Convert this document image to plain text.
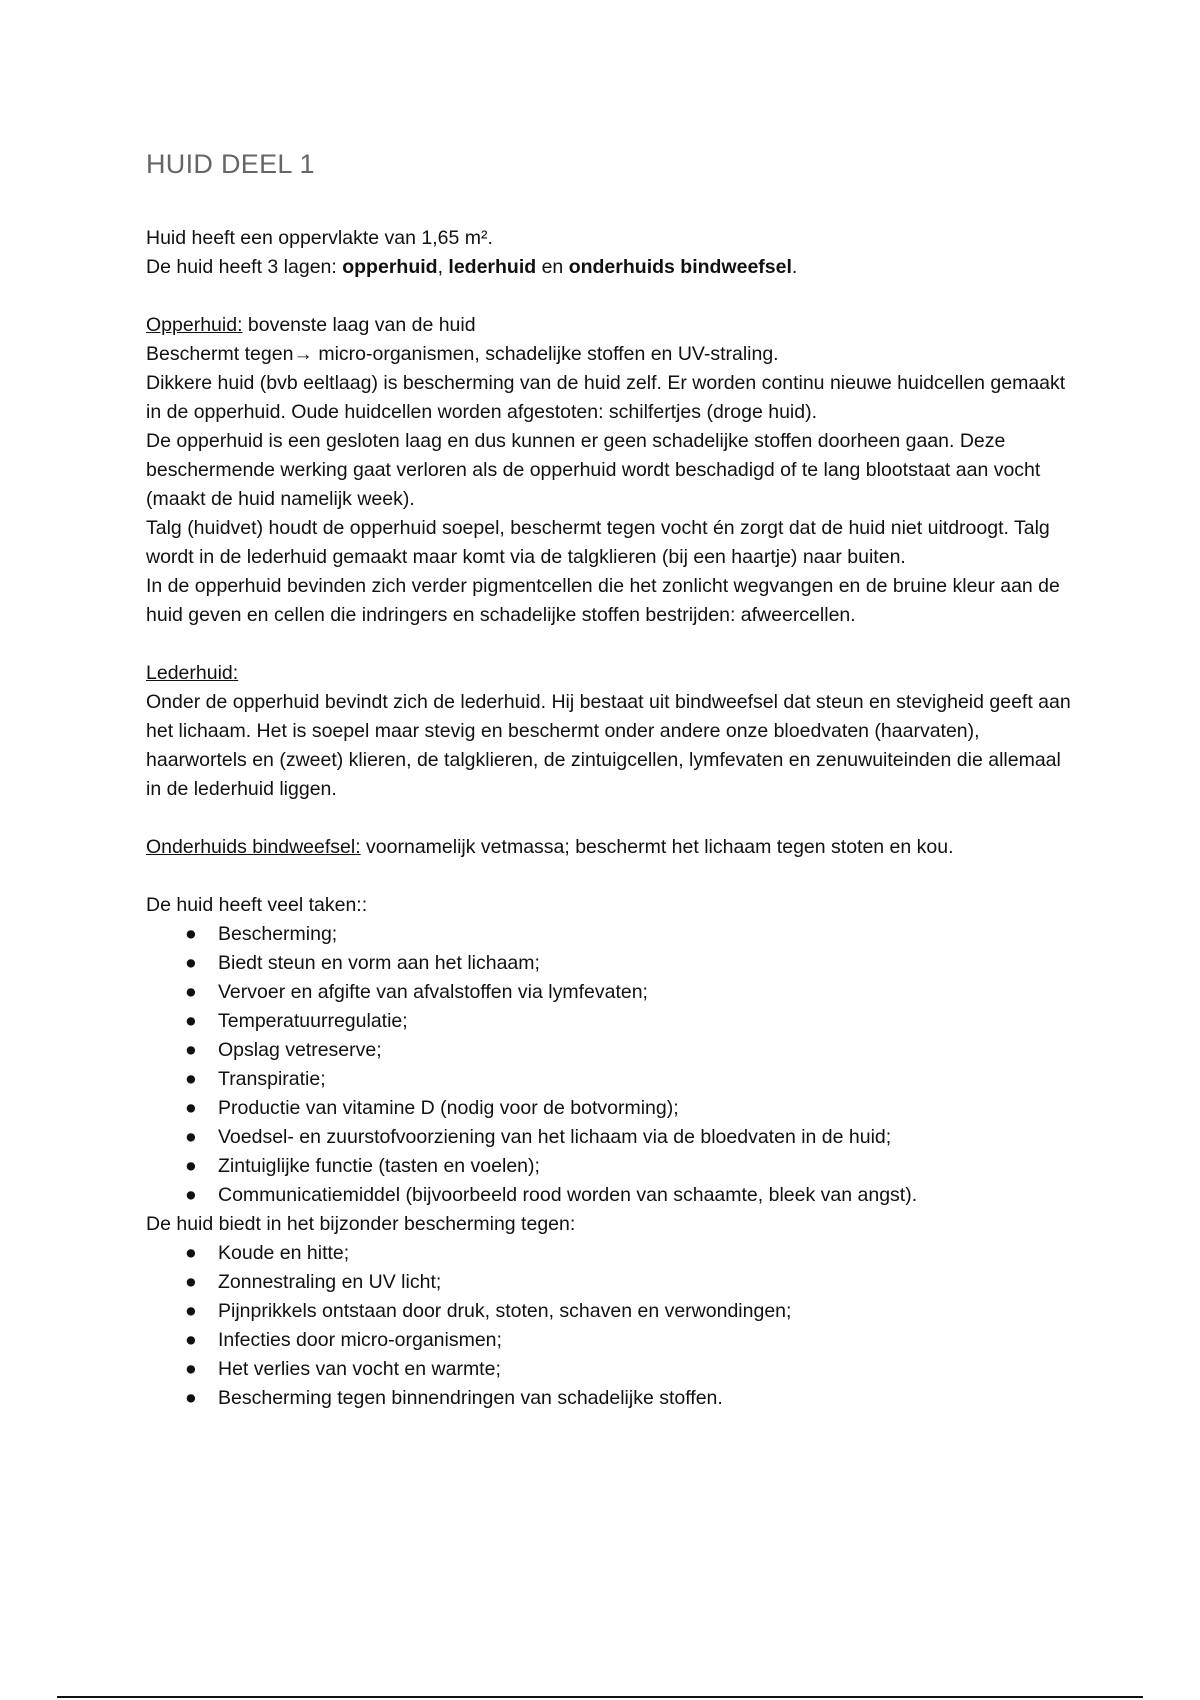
HUID DEEL 1

Huid heeft een oppervlakte van 1,65 m².

De huid heeft 3 lagen: opperhuid, lederhuid en onderhuids bindweefsel.

Opperhuid: bovenste laag van de huid

Beschermt tegen→ micro-organismen, schadelijke stoffen en UV-straling.

Dikkere huid (bvb eeltlaag) is bescherming van de huid zelf. Er worden continu nieuwe huidcellen gemaakt in de opperhuid. Oude huidcellen worden afgestoten: schilfertjes (droge huid).

De opperhuid is een gesloten laag en dus kunnen er geen schadelijke stoffen doorheen gaan. Deze beschermende werking gaat verloren als de opperhuid wordt beschadigd of te lang blootstaat aan vocht (maakt de huid namelijk week).

Talg (huidvet) houdt de opperhuid soepel, beschermt tegen vocht én zorgt dat de huid niet uitdroogt. Talg wordt in de lederhuid gemaakt maar komt via de talgklieren (bij een haartje) naar buiten.

In de opperhuid bevinden zich verder pigmentcellen die het zonlicht wegvangen en de bruine kleur aan de huid geven en cellen die indringers en schadelijke stoffen bestrijden: afweercellen.

Lederhuid:

Onder de opperhuid bevindt zich de lederhuid. Hij bestaat uit bindweefsel dat steun en stevigheid geeft aan het lichaam. Het is soepel maar stevig en beschermt onder andere onze bloedvaten (haarvaten), haarwortels en (zweet) klieren, de talgklieren, de zintuigcellen, lymfevaten en zenuwuiteinden die allemaal in de lederhuid liggen.

Onderhuids bindweefsel: voornamelijk vetmassa; beschermt het lichaam tegen stoten en kou.

De huid heeft veel taken::

● Bescherming;
● Biedt steun en vorm aan het lichaam;
● Vervoer en afgifte van afvalstoffen via lymfevaten;
● Temperatuurregulatie;
● Opslag vetreserve;
● Transpiratie;
● Productie van vitamine D (nodig voor de botvorming);
● Voedsel- en zuurstofvoorziening van het lichaam via de bloedvaten in de huid;
● Zintuiglijke functie (tasten en voelen);
● Communicatiemiddel (bijvoorbeeld rood worden van schaamte, bleek van angst).

De huid biedt in het bijzonder bescherming tegen:

● Koude en hitte;
● Zonnestraling en UV licht;
● Pijnprikkels ontstaan door druk, stoten, schaven en verwondingen;
● Infecties door micro-organismen;
● Het verlies van vocht en warmte;
● Bescherming tegen binnendringen van schadelijke stoffen.
